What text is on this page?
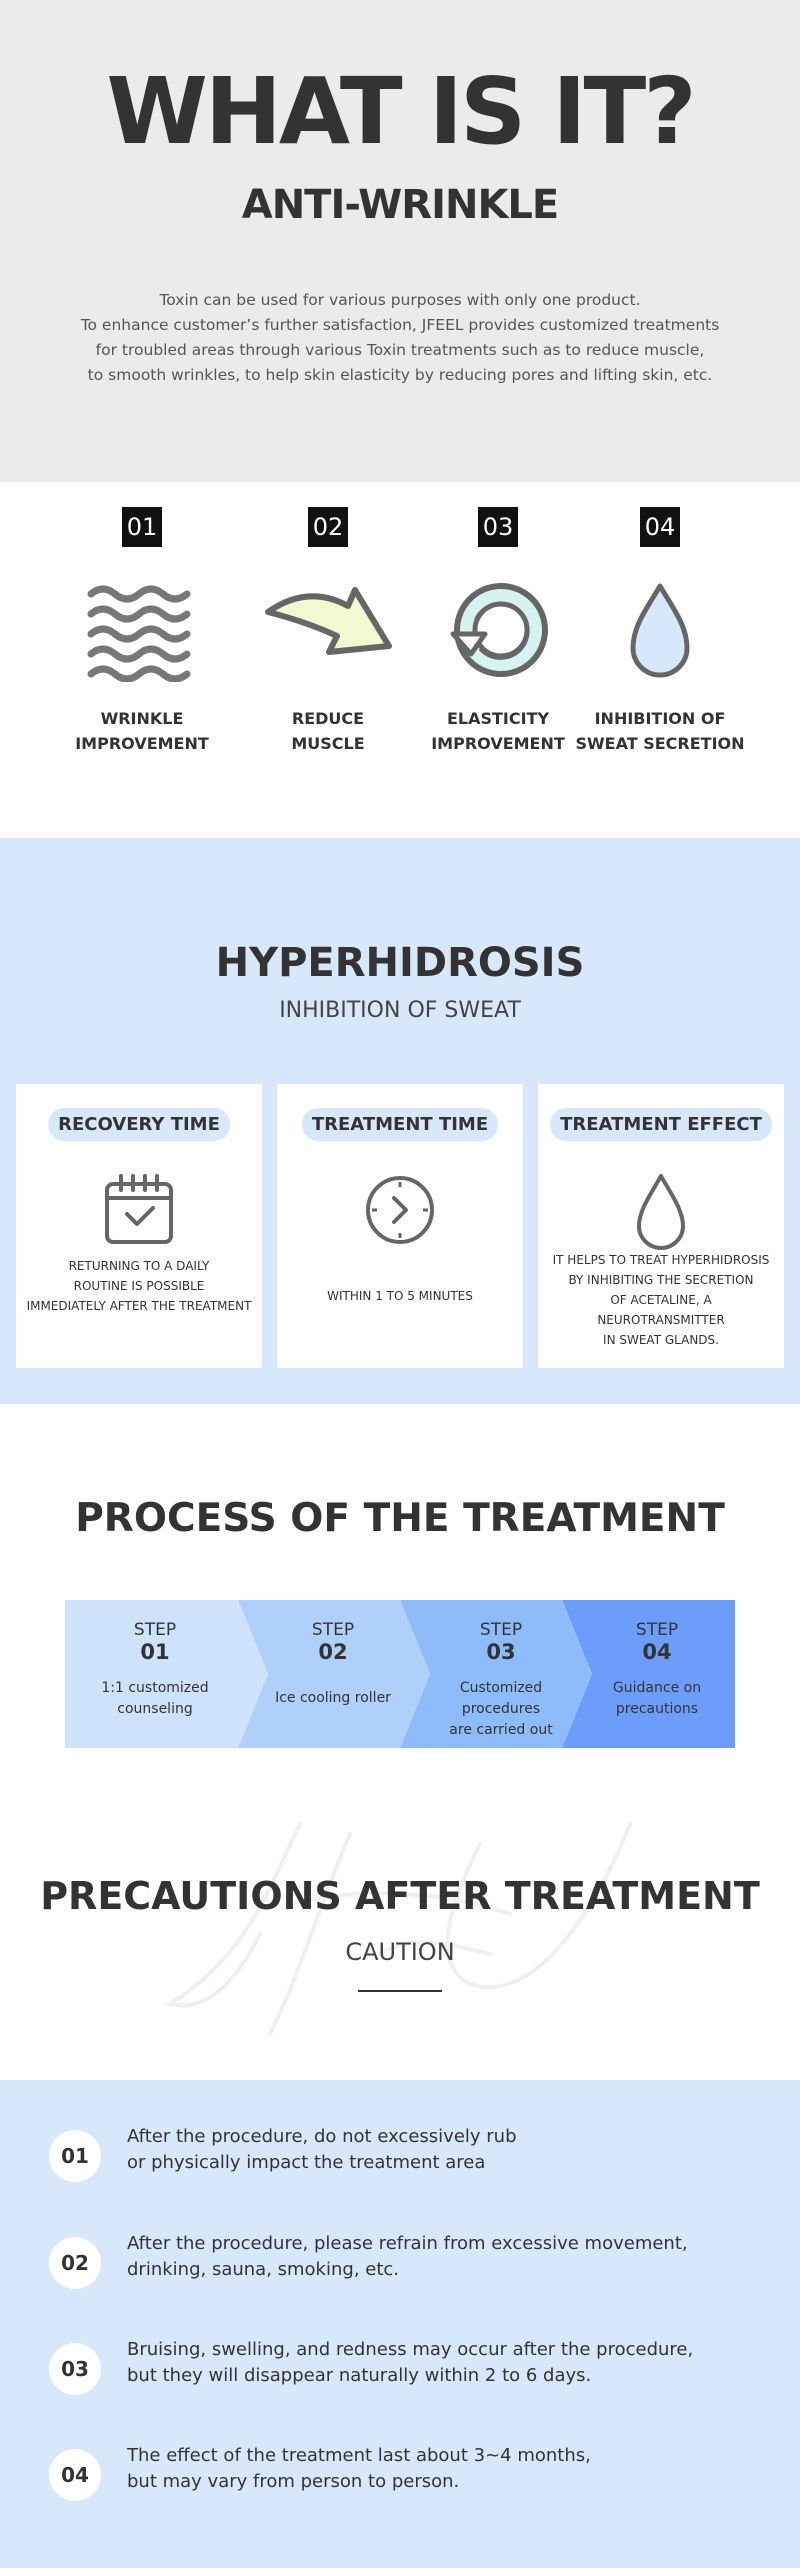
WHAT IS IT?
ANTI-WRINKLE
Toxin can be used for various purposes with only one product.
To enhance customer’s further satisfaction, JFEEL provides customized treatments
for troubled areas through various Toxin treatments such as to reduce muscle,
to smooth wrinkles, to help skin elasticity by reducing pores and lifting skin, etc.
01
WRINKLE
IMPROVEMENT
02
REDUCE
MUSCLE
03
ELASTICITY
IMPROVEMENT
04
INHIBITION OF
SWEAT SECRETION
HYPERHIDROSIS
INHIBITION OF SWEAT
RECOVERY TIME
RETURNING TO A DAILY
ROUTINE IS POSSIBLE
IMMEDIATELY AFTER THE TREATMENT
TREATMENT TIME
WITHIN 1 TO 5 MINUTES
TREATMENT EFFECT
IT HELPS TO TREAT HYPERHIDROSIS
BY INHIBITING THE SECRETION
OF ACETALINE, A NEUROTRANSMITTER
IN SWEAT GLANDS.
PROCESS OF THE TREATMENT
STEP
01
1:1 customized
counseling
STEP
02
Ice cooling roller
STEP
03
Customized procedures
are carried out
STEP
04
Guidance on
precautions
PRECAUTIONS AFTER TREATMENT
CAUTION
01
After the procedure, do not excessively rub
or physically impact the treatment area
02
After the procedure, please refrain from excessive movement,
drinking, sauna, smoking, etc.
03
Bruising, swelling, and redness may occur after the procedure,
but they will disappear naturally within 2 to 6 days.
04
The effect of the treatment last about 3~4 months,
but may vary from person to person.
